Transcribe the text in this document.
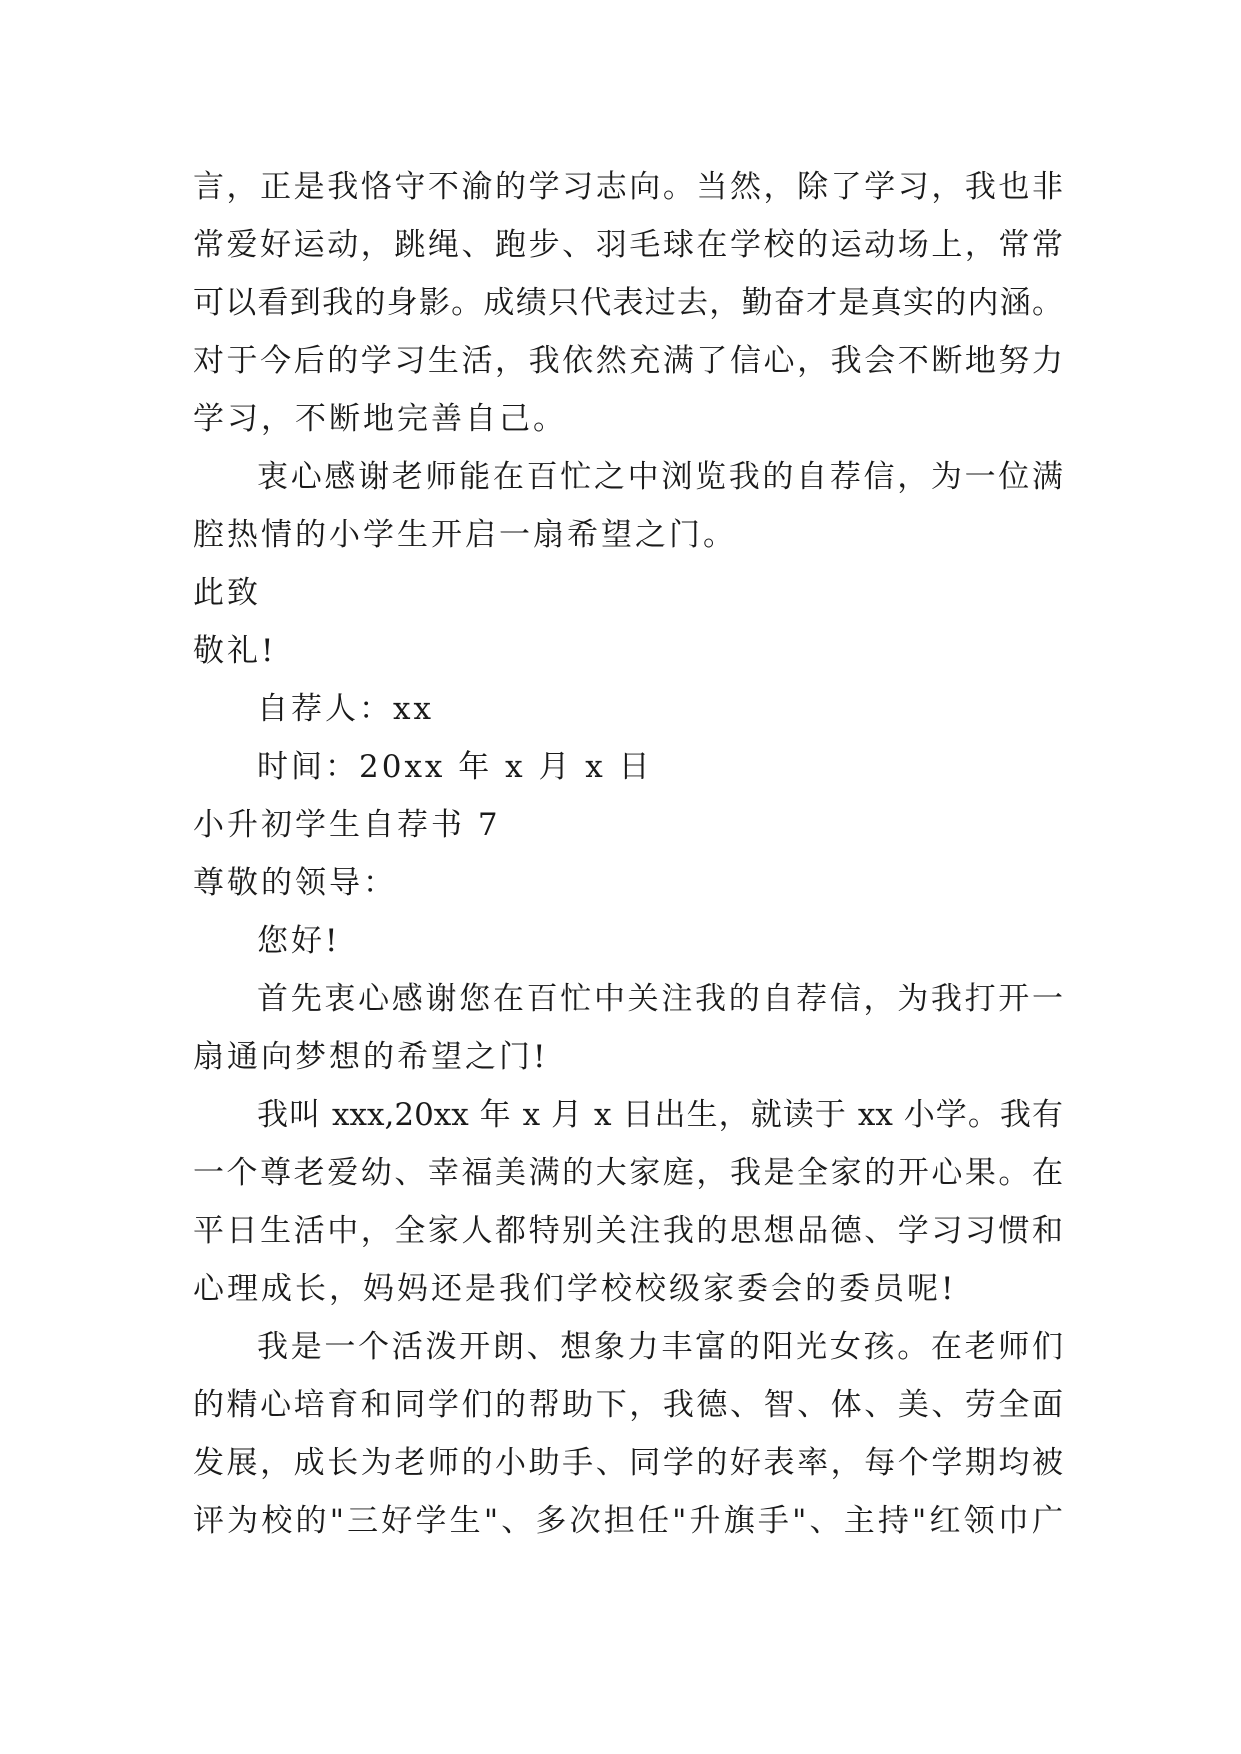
言，正是我恪守不渝的学习志向。当然，除了学习，我也非
常爱好运动，跳绳、跑步、羽毛球在学校的运动场上，常常
可以看到我的身影。成绩只代表过去，勤奋才是真实的内涵。
对于今后的学习生活，我依然充满了信心，我会不断地努力
学习，不断地完善自己。
衷心感谢老师能在百忙之中浏览我的自荐信，为一位满
腔热情的小学生开启一扇希望之门。
此致
敬礼!
自荐人：xx
时间：20xx 年 x 月 x 日
小升初学生自荐书 7
尊敬的领导：
您好!
首先衷心感谢您在百忙中关注我的自荐信，为我打开一
扇通向梦想的希望之门!
我叫 xxx,20xx 年 x 月 x 日出生，就读于 xx 小学。我有
一个尊老爱幼、幸福美满的大家庭，我是全家的开心果。在
平日生活中，全家人都特别关注我的思想品德、学习习惯和
心理成长，妈妈还是我们学校校级家委会的委员呢!
我是一个活泼开朗、想象力丰富的阳光女孩。在老师们
的精心培育和同学们的帮助下，我德、智、体、美、劳全面
发展，成长为老师的小助手、同学的好表率，每个学期均被
评为校的"三好学生"、多次担任"升旗手"、主持"红领巾广
